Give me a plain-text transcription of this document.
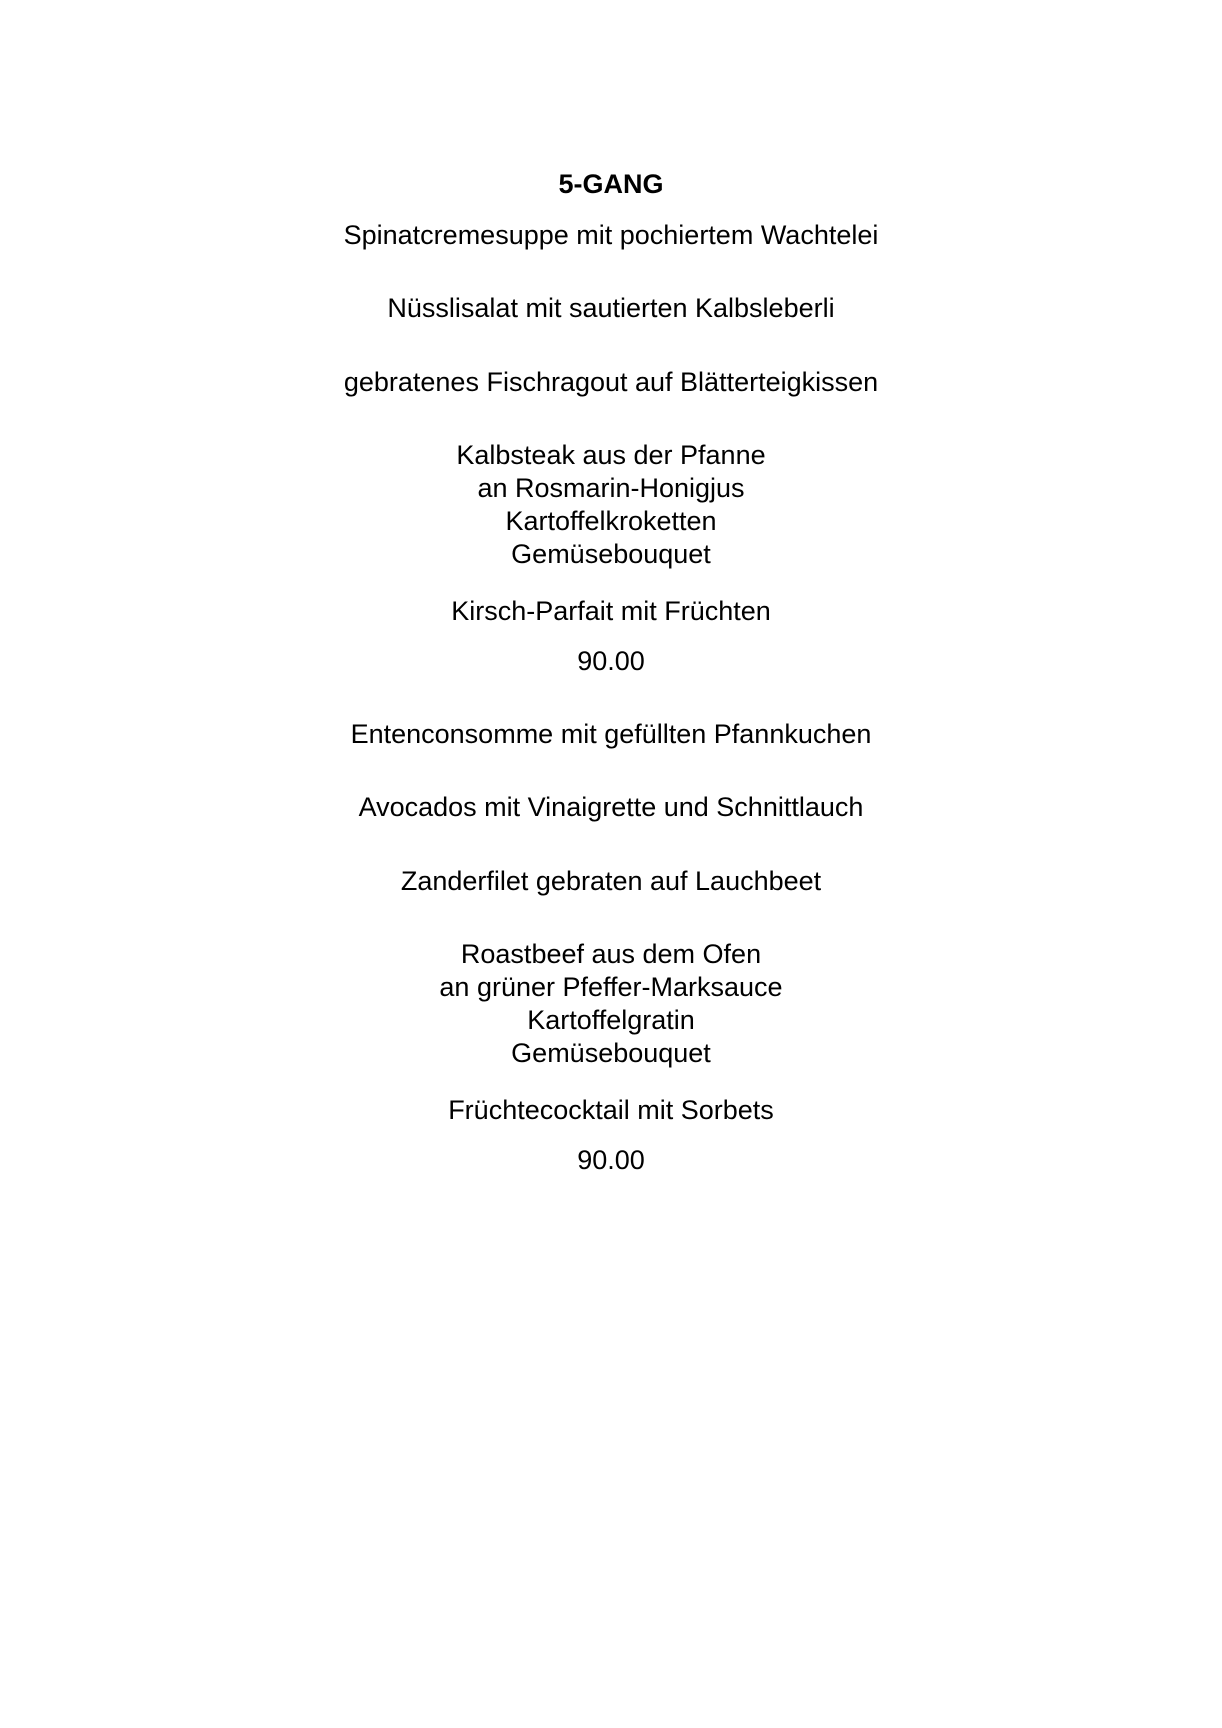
5-GANG
Spinatcremesuppe mit pochiertem Wachtelei
Nüsslisalat mit sautierten Kalbsleberli
gebratenes Fischragout auf Blätterteigkissen
Kalbsteak aus der Pfanne
an Rosmarin-Honigjus
Kartoffelkroketten
Gemüsebouquet
Kirsch-Parfait mit Früchten
90.00
Entenconsomme mit gefüllten Pfannkuchen
Avocados mit Vinaigrette und Schnittlauch
Zanderfilet gebraten auf Lauchbeet
Roastbeef aus dem Ofen
an grüner Pfeffer-Marksauce
Kartoffelgratin
Gemüsebouquet
Früchtecocktail mit Sorbets
90.00
